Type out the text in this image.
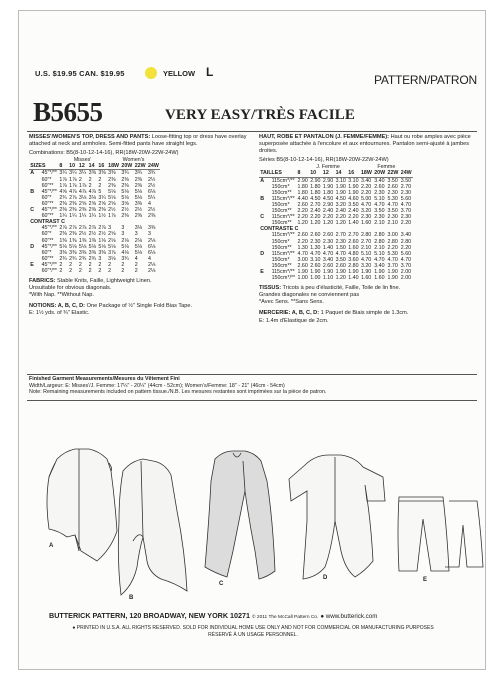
U.S. $19.95 CAN. $19.95	YELLOW L
PATTERN/PATRON
B5655	VERY EASY/TRÈS FACILE
MISSES'/WOMEN'S TOP, DRESS AND PANTS: Loose-fitting top or dress have overlay attached at neck and armholes. Semi-fitted pants have straight legs.
Combinations: B5(8-10-12-14-16), RR(18W-20W-22W-24W)
		Misses'					Women's			
SIZES		8	10	12	14	16	18W	20W	22W	24W
A	45"*/**	3¼	3¼	3¼	3⅜	3⅜	3⅜	3¾	3¾	3¾
	60"*	1⅞	1⅞	2	2	2	2⅜	2⅜	2⅜	2½
	60"**	1⅞	1⅞	1⅞	2	2	2⅜	2⅜	2⅜	2½
B	45"*/**	4⅝	4⅞	4⅞	4⅞	5	5⅛	5⅛	5⅛	6⅛
	60"*	2¾	2⅞	3⅛	3⅛	3¼	5⅛	5⅛	5⅛	5¼
	60"**	2⅜	2⅜	2⅝	2⅝	2⅝	2⅝	3⅝	3⅜	4
C	45"*/**	2⅜	2⅜	2⅜	2⅜	2⅜	2½	2½	2½	2½
	60"**	1¼	1¼	1¼	1¼	1½	1⅞	2⅜	2⅜	2⅜
CONTRAST C										
	45"*/**	2⅞	2⅞	2⅞	2⅞	2⅞	3	3	3⅛	3⅜
	60"*	2⅜	2⅜	2½	2½	2½	2⅝	3	3	3
	60"**	1⅜	1⅜	1⅜	1⅜	1⅛	2⅛	2⅛	2⅛	2⅛
D	45"*/**	5⅛	5⅛	5⅛	5⅛	5⅛	5⅛	5⅛	5⅛	6⅛
	60"*	3⅜	3⅜	3⅜	3⅜	3⅜	3⅞	4⅛	5⅛	6⅛
	60"**	2¾	2¾	2¾	2¾	3	3⅛	3¾	4	4
E	45"*/**	2	2	2	2	2	2	2	2	2⅛
	60"*/**	2	2	2	2	2	2	2	2	2⅛
FABRICS: Stable Knits, Faille, Lightweight Linen.
Unsuitable for obvious diagonals.
*With Nap. **Without Nap.
NOTIONS: A, B, C, D: One Package of ½" Single Fold Bias Tape.
E: 1½ yds. of ¾" Elastic.
HAUT, ROBE ET PANTALON (J. FEMME/FEMME): Haut ou robe amples avec pièce superposée attachée à l'encolure et aux entournures. Pantalon semi-ajusté à jambes droites.
Séries B5(8-10-12-14-16), RR(18W-20W-22W-24W)
		J. Femme					Femme			
TAILLES		8	10	12	14	16	18W	20W	22W	24W
A	115cm*/**	2.90	2.90	2.90	3.10	3.10	3.40	3.40	3.50	3.50
	150cm*	1.80	1.80	1.90	1.90	1.90	2.20	2.60	2.60	2.70
	150cm**	1.80	1.80	1.80	1.90	1.90	2.20	2.30	2.30	2.30
B	115cm*/**	4.40	4.50	4.50	4.50	4.60	5.00	5.10	5.30	5.60
	150cm*	2.60	2.70	2.90	3.20	3.50	4.70	4.70	4.70	4.70
	150cm**	2.20	2.40	2.40	2.40	2.40	3.20	3.50	3.50	3.70
C	115cm*/**	2.20	2.20	2.20	2.20	2.20	2.30	2.30	2.30	2.30
	150cm**	1.20	1.20	1.20	1.20	1.40	1.60	2.10	2.10	2.20
CONTRASTE C										
	115cm*/**	2.60	2.60	2.60	2.70	2.70	2.80	2.80	3.00	3.40
	150cm*	2.20	2.30	2.30	2.30	2.60	2.70	2.80	2.80	2.80
	150cm**	1.30	1.30	1.40	1.50	1.60	2.10	2.10	2.20	2.20
D	115cm*/**	4.70	4.70	4.70	4.70	4.80	5.10	5.10	5.30	5.60
	150cm*	3.00	3.10	3.40	3.50	3.60	4.70	4.70	4.70	4.70
	150cm**	2.60	2.60	2.60	2.60	2.80	3.20	3.40	3.70	3.70
E	115cm*/**	1.90	1.90	1.90	1.90	1.90	1.90	1.90	1.90	2.00
	150cm*/**	1.00	1.00	1.10	1.20	1.40	1.60	1.60	1.90	2.00
TISSUS: Tricots à peu d'élasticité, Faille, Toile de lin fine.
Grandes diagonales ne conviennent pas
*Avec Sens. **Sans Sens.
MERCERIE: A, B, C, D: 1 Paquet de Biais simple de 1.3cm.
E: 1.4m d'Elastique de 2cm.
Finished Garment Measurements/Mesures du Vêtement Fini
Width/Largeur: E: Misses'/J. Femme: 17¼" - 20¼" (44cm - 52cm); Women's/Femme: 18" - 21" (46cm - 54cm)
Note: Remaining measurements included on pattern tissue./N.B. Les mesures restantes sont imprimées sur la pièce de patron.
A
B
C
D	E
BUTTERICK PATTERN, 120 BROADWAY, NEW YORK 10271 © 2011 The McCall Pattern Co. ● www.butterick.com
● PRINTED IN U.S.A. ALL RIGHTS RESERVED. SOLD FOR INDIVIDUAL HOME USE ONLY AND NOT FOR COMMERCIAL OR MANUFACTURING PURPOSES
RÉSERVÉ À UN USAGE PERSONNEL.
